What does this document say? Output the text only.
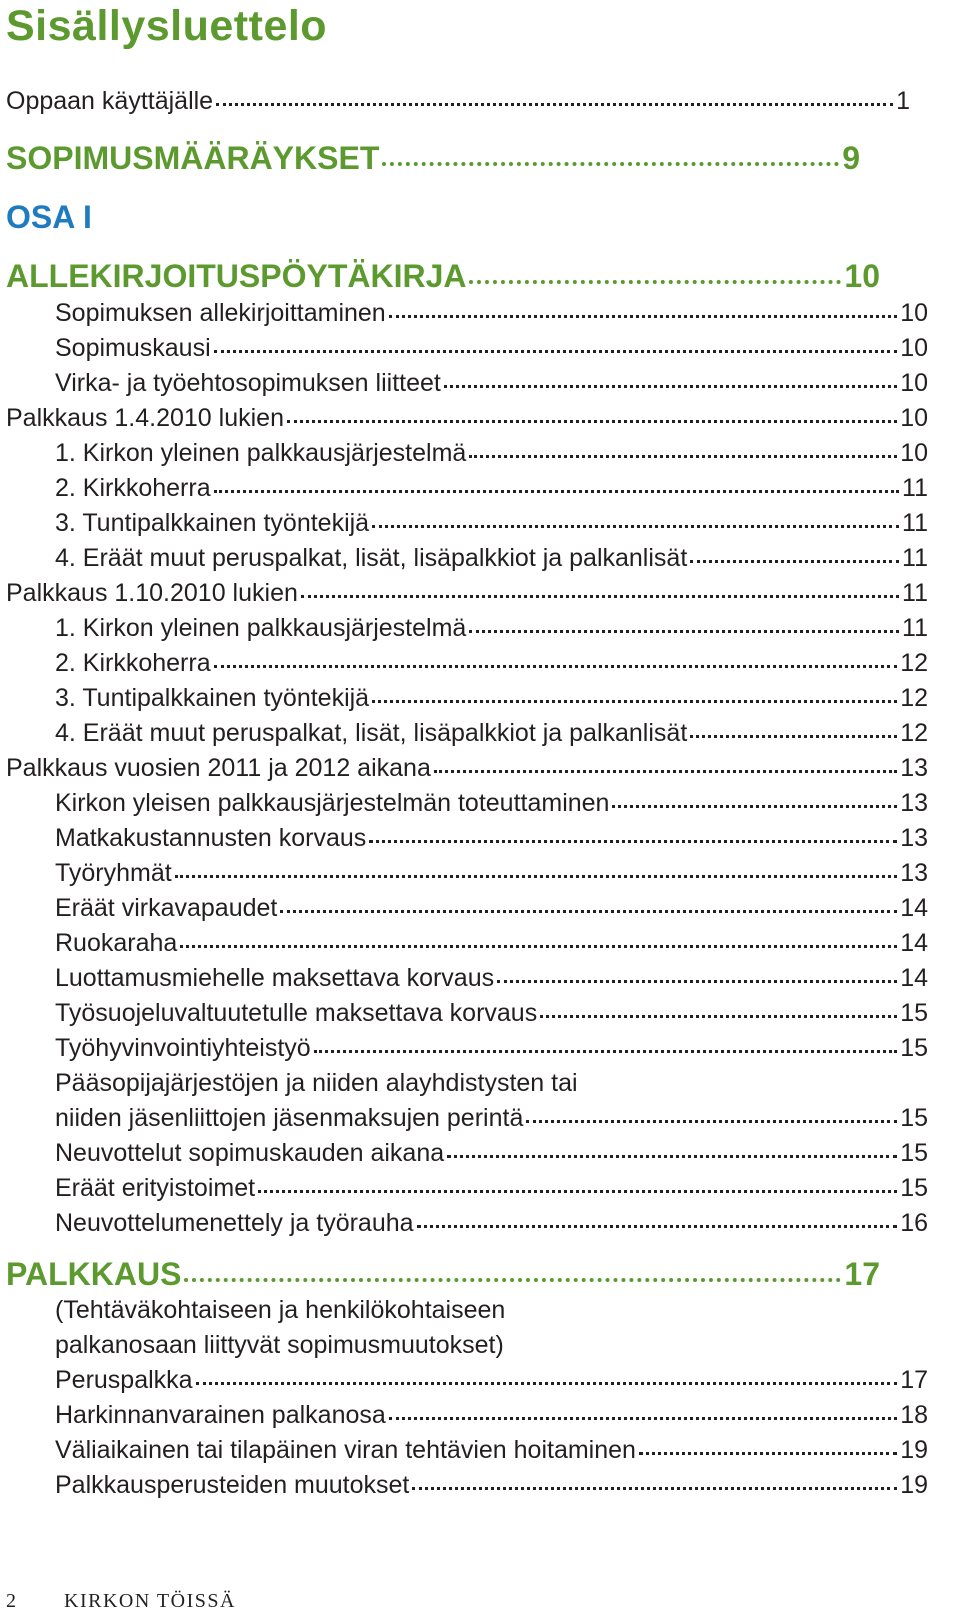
Sisällysluettelo
Oppaan käyttäjälle	1
SOPIMUSMÄÄRÄYKSET	9
OSA I
ALLEKIRJOITUSPÖYTÄKIRJA	10
Sopimuksen allekirjoittaminen	10
Sopimuskausi	10
Virka- ja työehtosopimuksen liitteet	10
Palkkaus 1.4.2010 lukien	10
1. Kirkon yleinen palkkausjärjestelmä	10
2. Kirkkoherra	11
3. Tuntipalkkainen työntekijä	11
4. Eräät muut peruspalkat, lisät, lisäpalkkiot ja palkanlisät	11
Palkkaus 1.10.2010 lukien	11
1. Kirkon yleinen palkkausjärjestelmä	11
2. Kirkkoherra	12
3. Tuntipalkkainen työntekijä	12
4. Eräät muut peruspalkat, lisät, lisäpalkkiot ja palkanlisät	12
Palkkaus vuosien 2011 ja 2012 aikana	13
Kirkon yleisen palkkausjärjestelmän toteuttaminen	13
Matkakustannusten korvaus	13
Työryhmät	13
Eräät virkavapaudet	14
Ruokaraha	14
Luottamusmiehelle maksettava korvaus	14
Työsuojeluvaltuutetulle maksettava korvaus	15
Työhyvinvointiyhteistyö	15
Pääsopijajärjestöjen ja niiden alayhdistysten tai
niiden jäsenliittojen jäsenmaksujen perintä	15
Neuvottelut sopimuskauden aikana	15
Eräät erityistoimet	15
Neuvottelumenettely ja työrauha	16
PALKKAUS	17
(Tehtäväkohtaiseen ja henkilökohtaiseen
palkanosaan liittyvät sopimusmuutokset)
Peruspalkka	17
Harkinnanvarainen palkanosa	18
Väliaikainen tai tilapäinen viran tehtävien hoitaminen	19
Palkkausperusteiden muutokset	19
2 KIRKON TÖISSÄ
